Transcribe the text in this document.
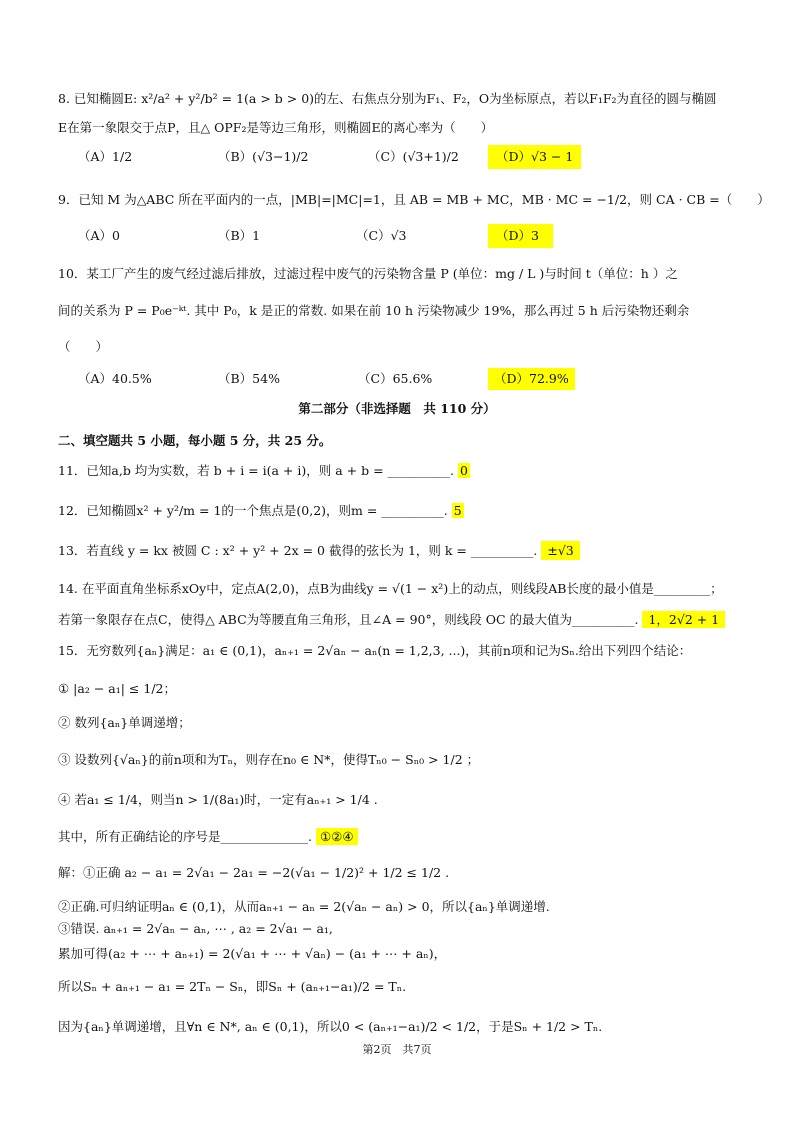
8. 已知椭圆E: x²/a² + y²/b² = 1(a > b > 0)的左、右焦点分别为F₁、F₂，O为坐标原点，若以F₁F₂为直径的圆与椭圆
E在第一象限交于点P，且△ OPF₂是等边三角形，则椭圆E的离心率为（　　）
（A）1/2	（B）(√3−1)/2	（C）(√3+1)/2	（D）√3 − 1
9．已知 M 为△ABC 所在平面内的一点，|MB|=|MC|=1，且 AB = MB + MC，MB · MC = −1/2，则 CA · CB =（　　）
（A）0	（B）1	（C）√3	（D）3
10．某工厂产生的废气经过滤后排放，过滤过程中废气的污染物含量 P (单位：mg / L )与时间 t（单位：h ）之
间的关系为 P = P₀e⁻ᵏᵗ. 其中 P₀，k 是正的常数. 如果在前 10 h 污染物减少 19%，那么再过 5 h 后污染物还剩余
（　　）
（A）40.5%	（B）54%	（C）65.6%	（D）72.9%
第二部分（非选择题　共 110 分）
二、填空题共 5 小题，每小题 5 分，共 25 分。
11．已知a,b 均为实数，若 b + i = i(a + i)，则 a + b = __________. 0
12．已知椭圆x² + y²/m = 1的一个焦点是(0,2)，则m = __________. 5
13．若直线 y = kx 被圆 C : x² + y² + 2x = 0 截得的弦长为 1，则 k = __________. ±√3
14. 在平面直角坐标系xOy中，定点A(2,0)，点B为曲线y = √(1 − x²)上的动点，则线段AB长度的最小值是_________；
若第一象限存在点C，使得△ ABC为等腰直角三角形，且∠A = 90°，则线段 OC 的最大值为__________. 1，2√2 + 1
15．无穷数列{aₙ}满足：a₁ ∈ (0,1)，aₙ₊₁ = 2√aₙ − aₙ(n = 1,2,3, ...)，其前n项和记为Sₙ.给出下列四个结论：
① |a₂ − a₁| ≤ 1/2；
② 数列{aₙ}单调递增；
③ 设数列{√aₙ}的前n项和为Tₙ，则存在n₀ ∈ N*，使得Tₙ₀ − Sₙ₀ > 1/2 ；
④ 若a₁ ≤ 1/4，则当n > 1/(8a₁)时，一定有aₙ₊₁ > 1/4 .
其中，所有正确结论的序号是______________. ①②④
解：①正确 a₂ − a₁ = 2√a₁ − 2a₁ = −2(√a₁ − 1/2)² + 1/2 ≤ 1/2 .
②正确.可归纳证明aₙ ∈ (0,1)，从而aₙ₊₁ − aₙ = 2(√aₙ − aₙ) > 0，所以{aₙ}单调递增.
③错误. aₙ₊₁ = 2√aₙ − aₙ, ⋯ , a₂ = 2√a₁ − a₁,
累加可得(a₂ + ⋯ + aₙ₊₁) = 2(√a₁ + ⋯ + √aₙ) − (a₁ + ⋯ + aₙ)，
所以Sₙ + aₙ₊₁ − a₁ = 2Tₙ − Sₙ，即Sₙ + (aₙ₊₁−a₁)/2 = Tₙ.
因为{aₙ}单调递增，且∀n ∈ N*, aₙ ∈ (0,1)，所以0 < (aₙ₊₁−a₁)/2 < 1/2，于是Sₙ + 1/2 > Tₙ.
第2页　共7页
